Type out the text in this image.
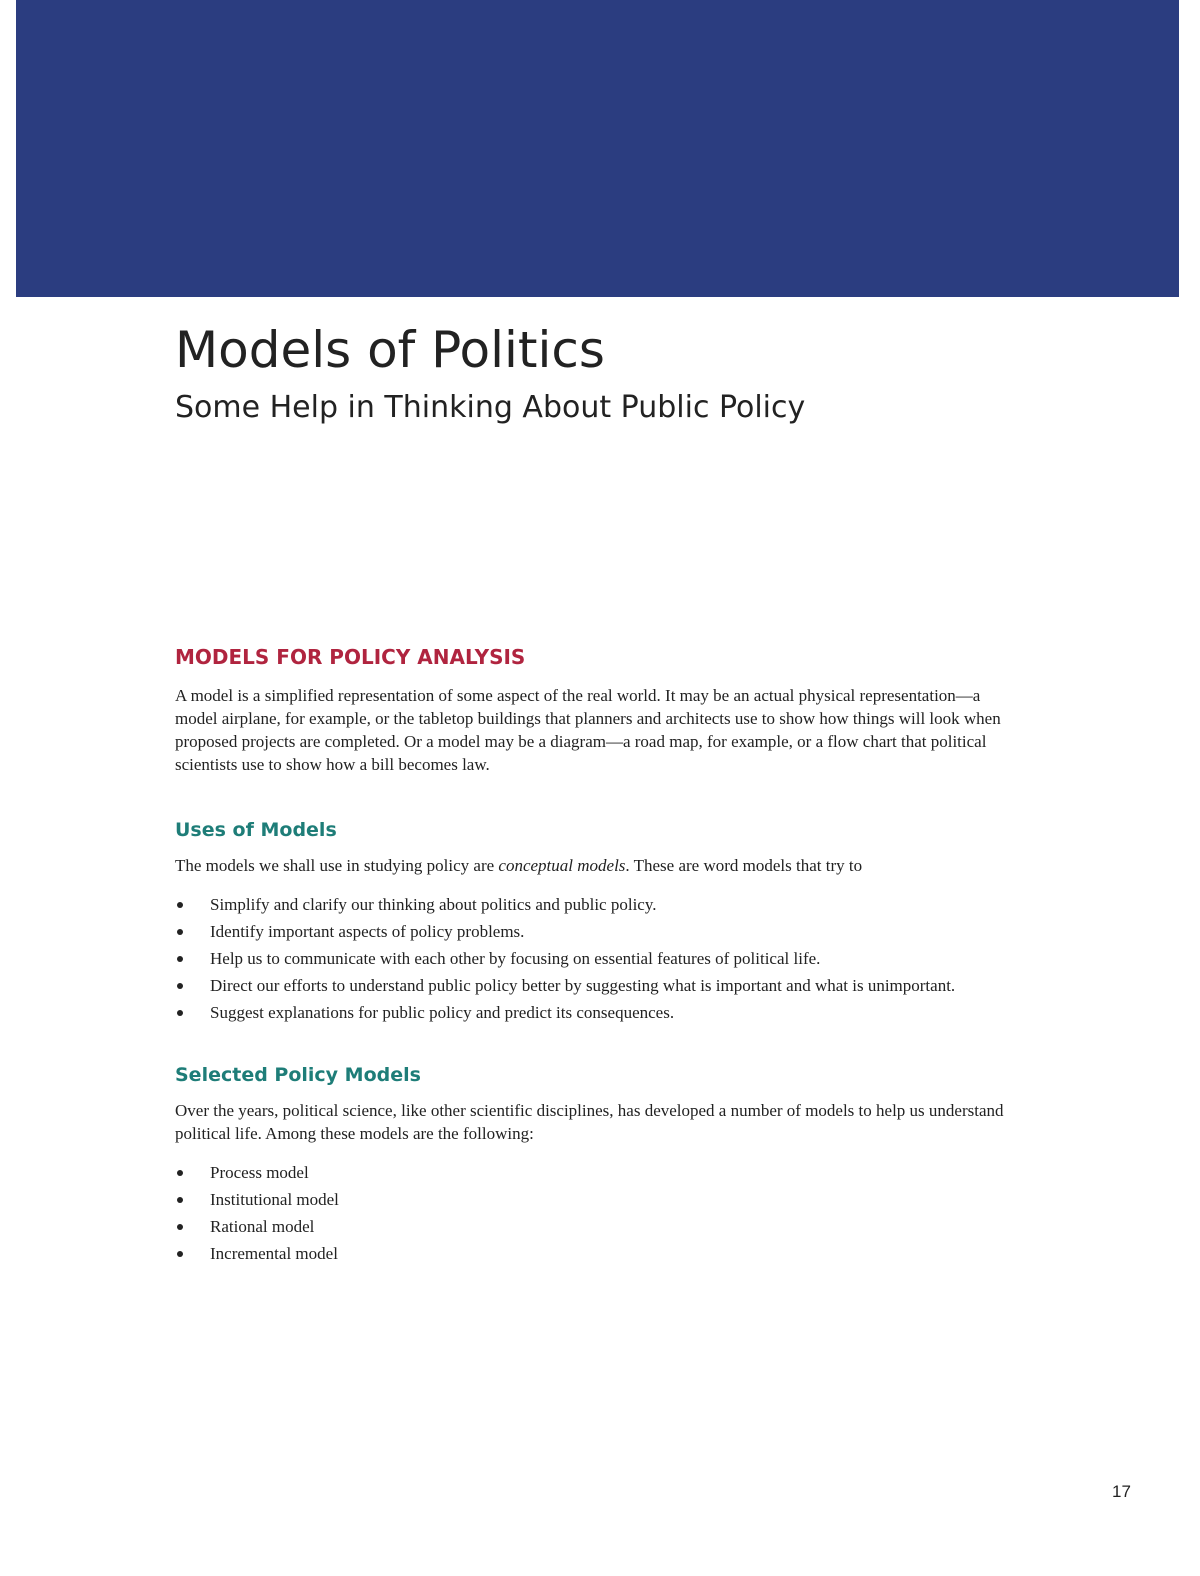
Models of Politics
Some Help in Thinking About Public Policy
MODELS FOR POLICY ANALYSIS

A model is a simplified representation of some aspect of the real world. It may be an actual physical representation—a model airplane, for example, or the tabletop buildings that planners and architects use to show how things will look when proposed projects are completed. Or a model may be a diagram—a road map, for example, or a flow chart that political scientists use to show how a bill becomes law.

Uses of Models

The models we shall use in studying policy are conceptual models. These are word models that try to

Simplify and clarify our thinking about politics and public policy.
Identify important aspects of policy problems.
Help us to communicate with each other by focusing on essential features of political life.
Direct our efforts to understand public policy better by suggesting what is important and what is unimportant.
Suggest explanations for public policy and predict its consequences.
Selected Policy Models

Over the years, political science, like other scientific disciplines, has developed a number of models to help us understand political life. Among these models are the following:

Process model
Institutional model
Rational model
Incremental model
17
